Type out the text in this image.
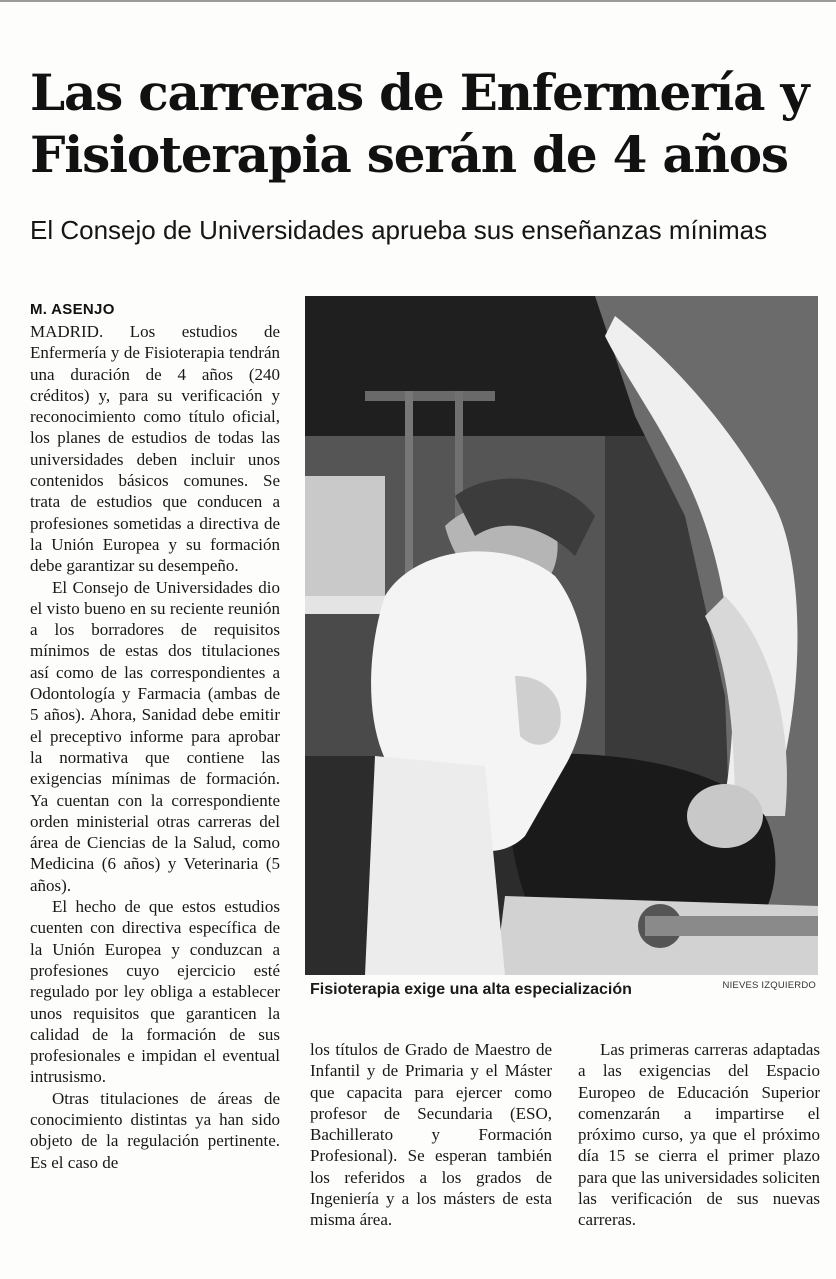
Las carreras de Enfermería y Fisioterapia serán de 4 años
El Consejo de Universidades aprueba sus enseñanzas mínimas
M. ASENJO

MADRID. Los estudios de Enfermería y de Fisioterapia tendrán una duración de 4 años (240 créditos) y, para su verificación y reconocimiento como título oficial, los planes de estudios de todas las universidades deben incluir unos contenidos básicos comunes. Se trata de estudios que conducen a profesiones sometidas a directiva de la Unión Europea y su formación debe garantizar su desempeño.

El Consejo de Universidades dio el visto bueno en su reciente reunión a los borradores de requisitos mínimos de estas dos titulaciones así como de las correspondientes a Odontología y Farmacia (ambas de 5 años). Ahora, Sanidad debe emitir el preceptivo informe para aprobar la normativa que contiene las exigencias mínimas de formación. Ya cuentan con la correspondiente orden ministerial otras carreras del área de Ciencias de la Salud, como Medicina (6 años) y Veterinaria (5 años).

El hecho de que estos estudios cuenten con directiva específica de la Unión Europea y conduzcan a profesiones cuyo ejercicio esté regulado por ley obliga a establecer unos requisitos que garanticen la calidad de la formación de sus profesionales e impidan el eventual intrusismo.

Otras titulaciones de áreas de conocimiento distintas ya han sido objeto de la regulación pertinente. Es el caso de

Fisioterapia exige una alta especialización	NIEVES IZQUIERDO

los títulos de Grado de Maestro de Infantil y de Primaria y el Máster que capacita para ejercer como profesor de Secundaria (ESO, Bachillerato y Formación Profesional). Se esperan también los referidos a los grados de Ingeniería y a los másters de esta misma área.

Las primeras carreras adaptadas a las exigencias del Espacio Europeo de Educación Superior comenzarán a impartirse el próximo curso, ya que el próximo día 15 se cierra el primer plazo para que las universidades soliciten las verificación de sus nuevas carreras.
